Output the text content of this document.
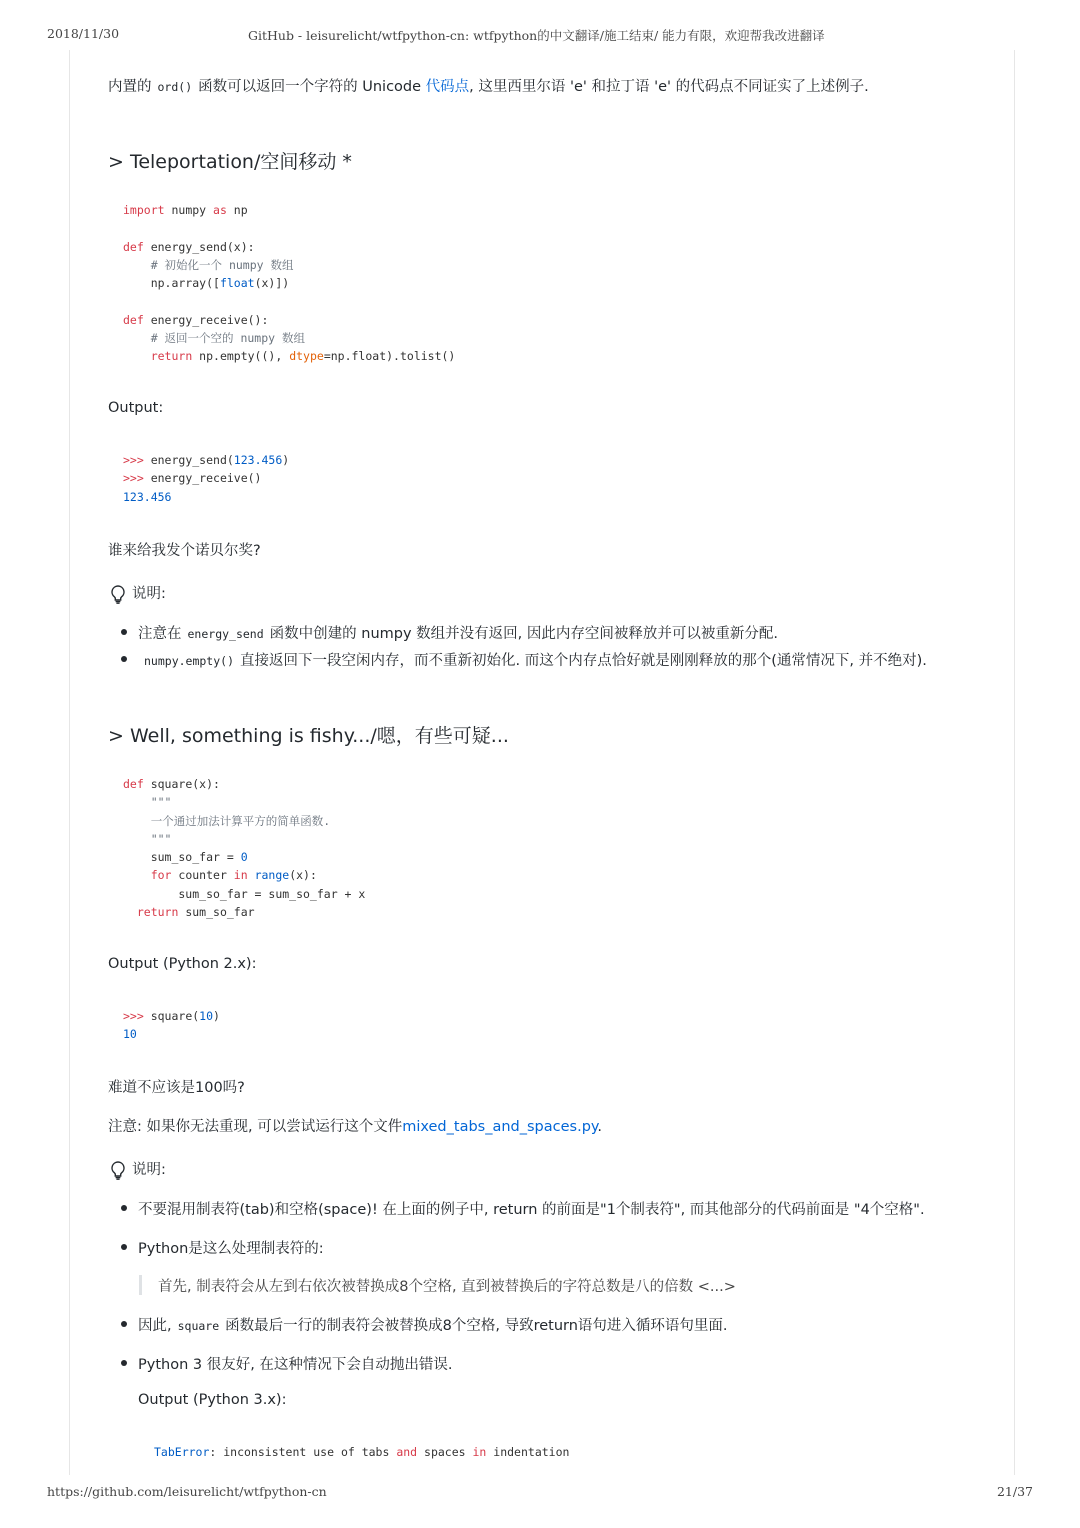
2018/11/30	GitHub - leisurelicht/wtfpython-cn: wtfpython的中文翻译/施工结束/ 能力有限，欢迎帮我改进翻译
内置的 ord() 函数可以返回一个字符的 Unicode 代码点, 这里西里尔语 'e' 和拉丁语 'e' 的代码点不同证实了上述例子.
> Teleportation/空间移动 *
import numpy as np

def energy_send(x):
# 初始化一个 numpy 数组
np.array([float(x)])

def energy_receive():
# 返回一个空的 numpy 数组
return np.empty((), dtype=np.float).tolist()
Output:
>>> energy_send(123.456)
>>> energy_receive()
123.456
谁来给我发个诺贝尔奖?
说明:
注意在 energy_send 函数中创建的 numpy 数组并没有返回, 因此内存空间被释放并可以被重新分配.
numpy.empty() 直接返回下一段空闲内存，而不重新初始化. 而这个内存点恰好就是刚刚释放的那个(通常情况下, 并不绝对).
> Well, something is fishy.../嗯，有些可疑...
def square(x):
"""
一个通过加法计算平方的简单函数.
"""
sum_so_far = 0
for counter in range(x):
sum_so_far = sum_so_far + x
return sum_so_far
Output (Python 2.x):
>>> square(10)
10
难道不应该是100吗?
注意: 如果你无法重现, 可以尝试运行这个文件mixed_tabs_and_spaces.py.
说明:
不要混用制表符(tab)和空格(space)! 在上面的例子中, return 的前面是"1个制表符", 而其他部分的代码前面是 "4个空格".
Python是这么处理制表符的:
首先, 制表符会从左到右依次被替换成8个空格, 直到被替换后的字符总数是八的倍数 <...>
因此, square 函数最后一行的制表符会被替换成8个空格, 导致return语句进入循环语句里面.
Python 3 很友好, 在这种情况下会自动抛出错误.
Output (Python 3.x):
TabError: inconsistent use of tabs and spaces in indentation
https://github.com/leisurelicht/wtfpython-cn	21/37
